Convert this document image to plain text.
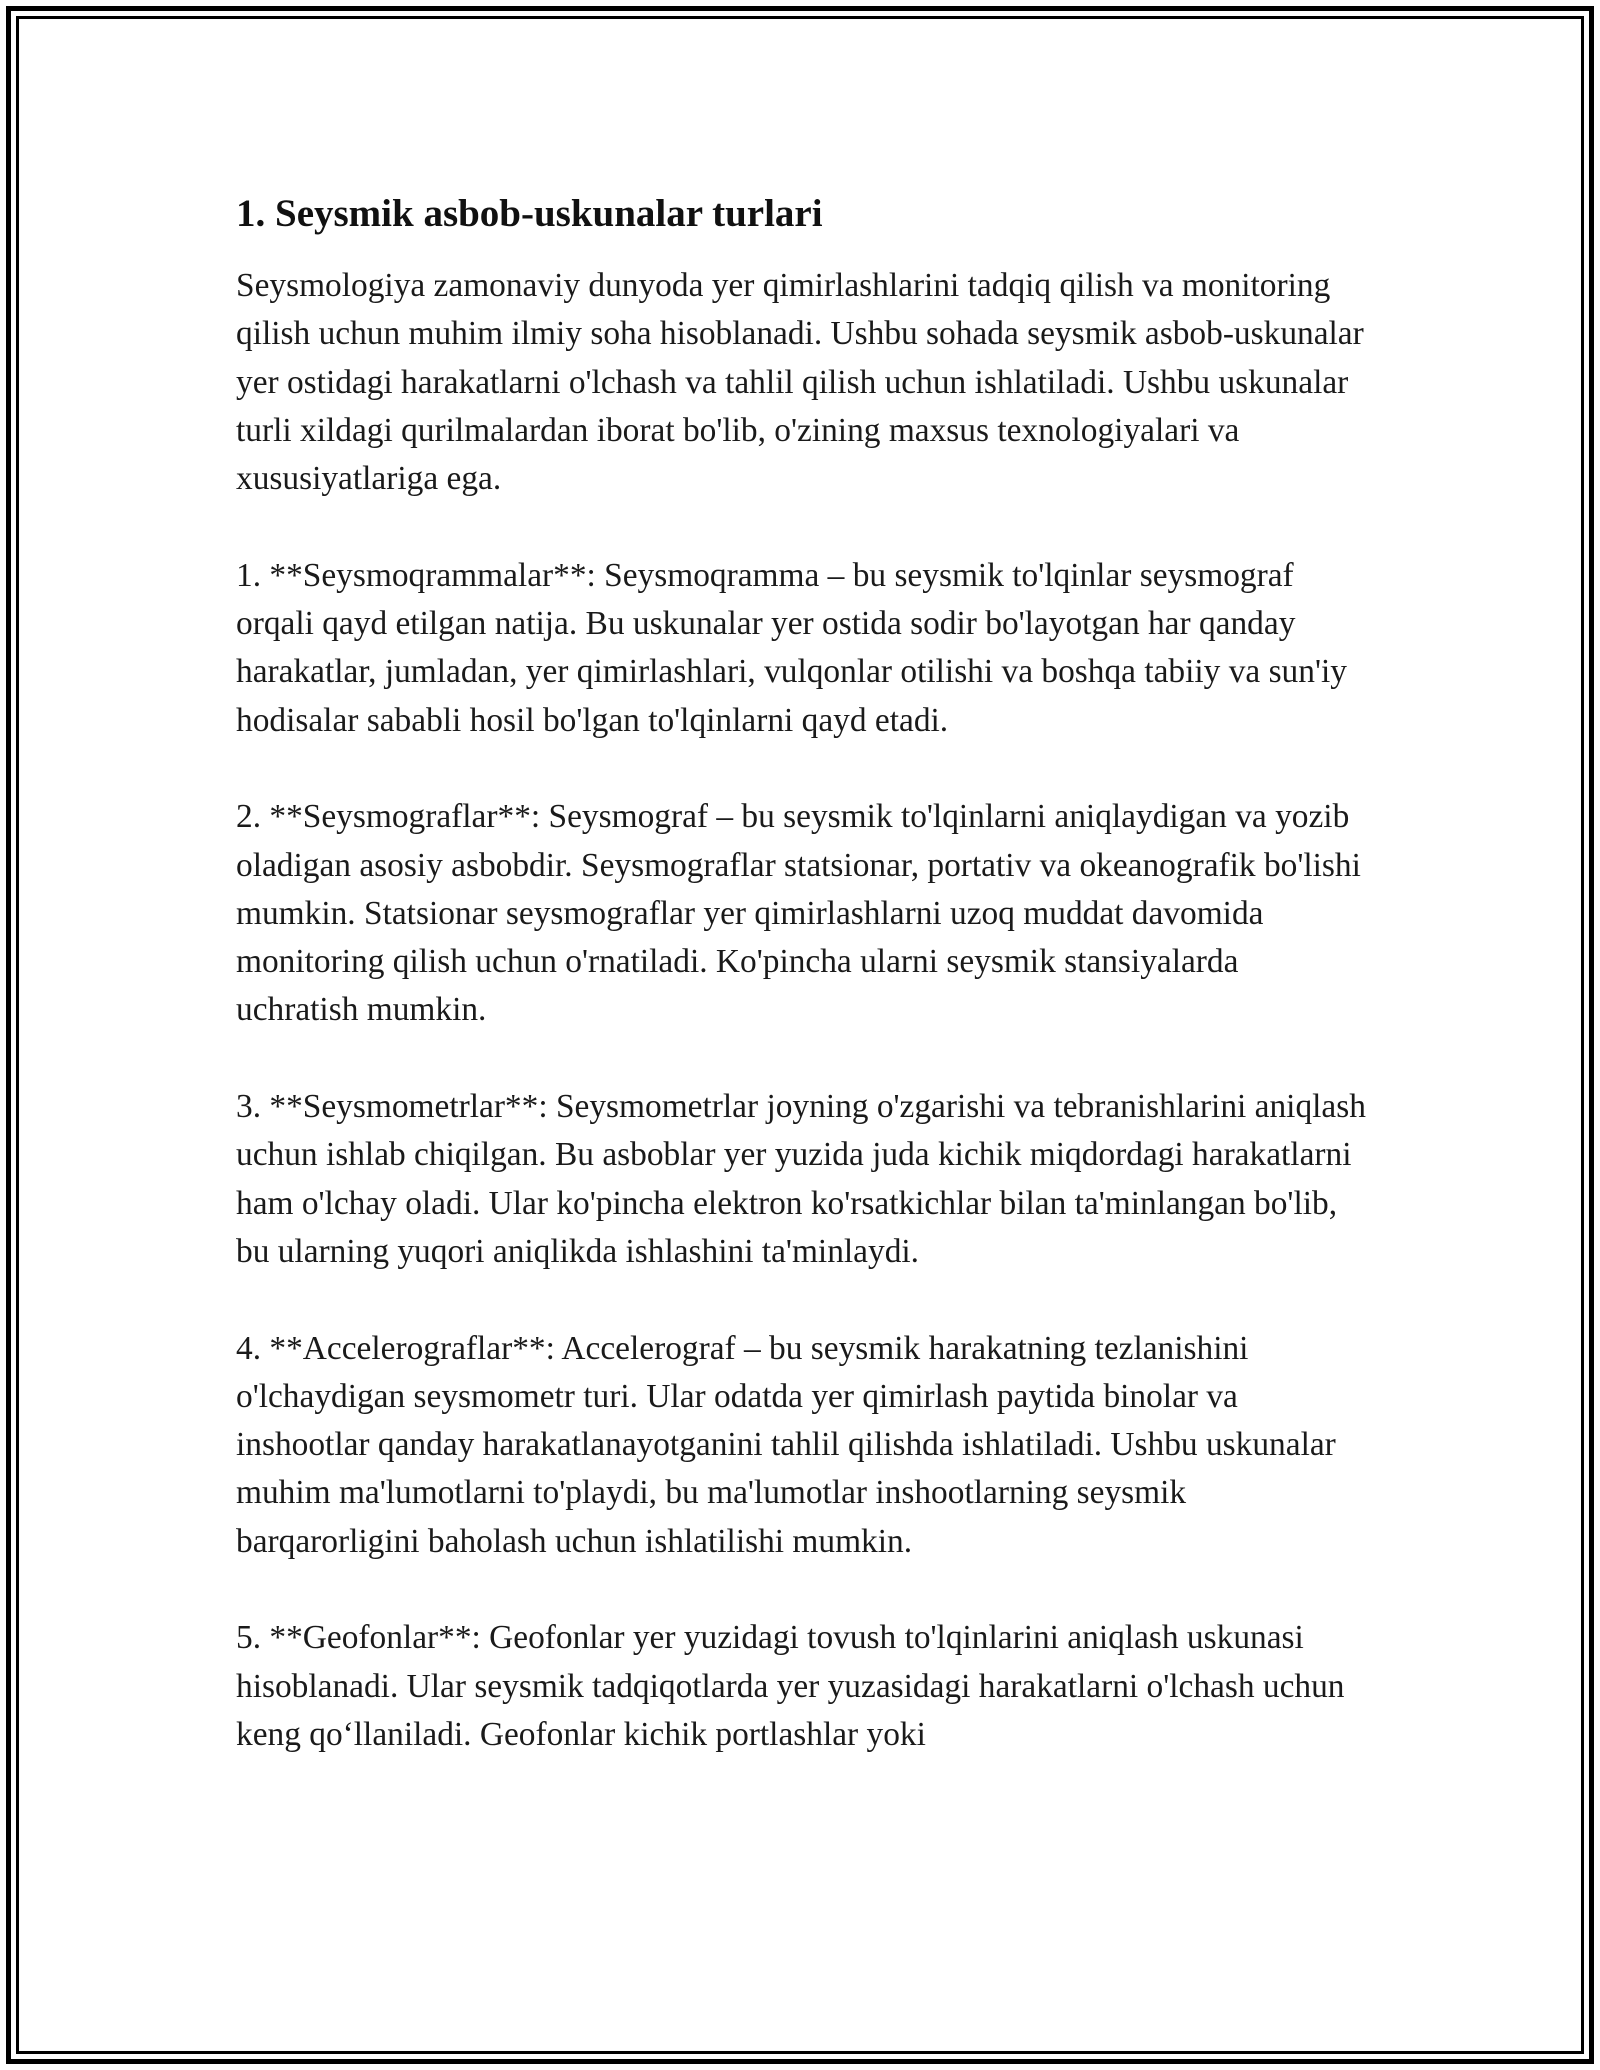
1. Seysmik asbob-uskunalar turlari

Seysmologiya zamonaviy dunyoda yer qimirlashlarini tadqiq qilish va monitoring qilish uchun muhim ilmiy soha hisoblanadi. Ushbu sohada seysmik asbob-uskunalar yer ostidagi harakatlarni o'lchash va tahlil qilish uchun ishlatiladi. Ushbu uskunalar turli xildagi qurilmalardan iborat bo'lib, o'zining maxsus texnologiyalari va xususiyatlariga ega.

1. **Seysmoqrammalar**: Seysmoqramma – bu seysmik to'lqinlar seysmograf orqali qayd etilgan natija. Bu uskunalar yer ostida sodir bo'layotgan har qanday harakatlar, jumladan, yer qimirlashlari, vulqonlar otilishi va boshqa tabiiy va sun'iy hodisalar sababli hosil bo'lgan to'lqinlarni qayd etadi.

2. **Seysmograflar**: Seysmograf – bu seysmik to'lqinlarni aniqlaydigan va yozib oladigan asosiy asbobdir. Seysmograflar statsionar, portativ va okeanografik bo'lishi mumkin. Statsionar seysmograflar yer qimirlashlarni uzoq muddat davomida monitoring qilish uchun o'rnatiladi. Ko'pincha ularni seysmik stansiyalarda uchratish mumkin.

3. **Seysmometrlar**: Seysmometrlar joyning o'zgarishi va tebranishlarini aniqlash uchun ishlab chiqilgan. Bu asboblar yer yuzida juda kichik miqdordagi harakatlarni ham o'lchay oladi. Ular ko'pincha elektron ko'rsatkichlar bilan ta'minlangan bo'lib, bu ularning yuqori aniqlikda ishlashini ta'minlaydi.

4. **Accelerograflar**: Accelerograf – bu seysmik harakatning tezlanishini o'lchaydigan seysmometr turi. Ular odatda yer qimirlash paytida binolar va inshootlar qanday harakatlanayotganini tahlil qilishda ishlatiladi. Ushbu uskunalar muhim ma'lumotlarni to'playdi, bu ma'lumotlar inshootlarning seysmik barqarorligini baholash uchun ishlatilishi mumkin.

5. **Geofonlar**: Geofonlar yer yuzidagi tovush to'lqinlarini aniqlash uskunasi hisoblanadi. Ular seysmik tadqiqotlarda yer yuzasidagi harakatlarni o'lchash uchun keng qo‘llaniladi. Geofonlar kichik portlashlar yoki
